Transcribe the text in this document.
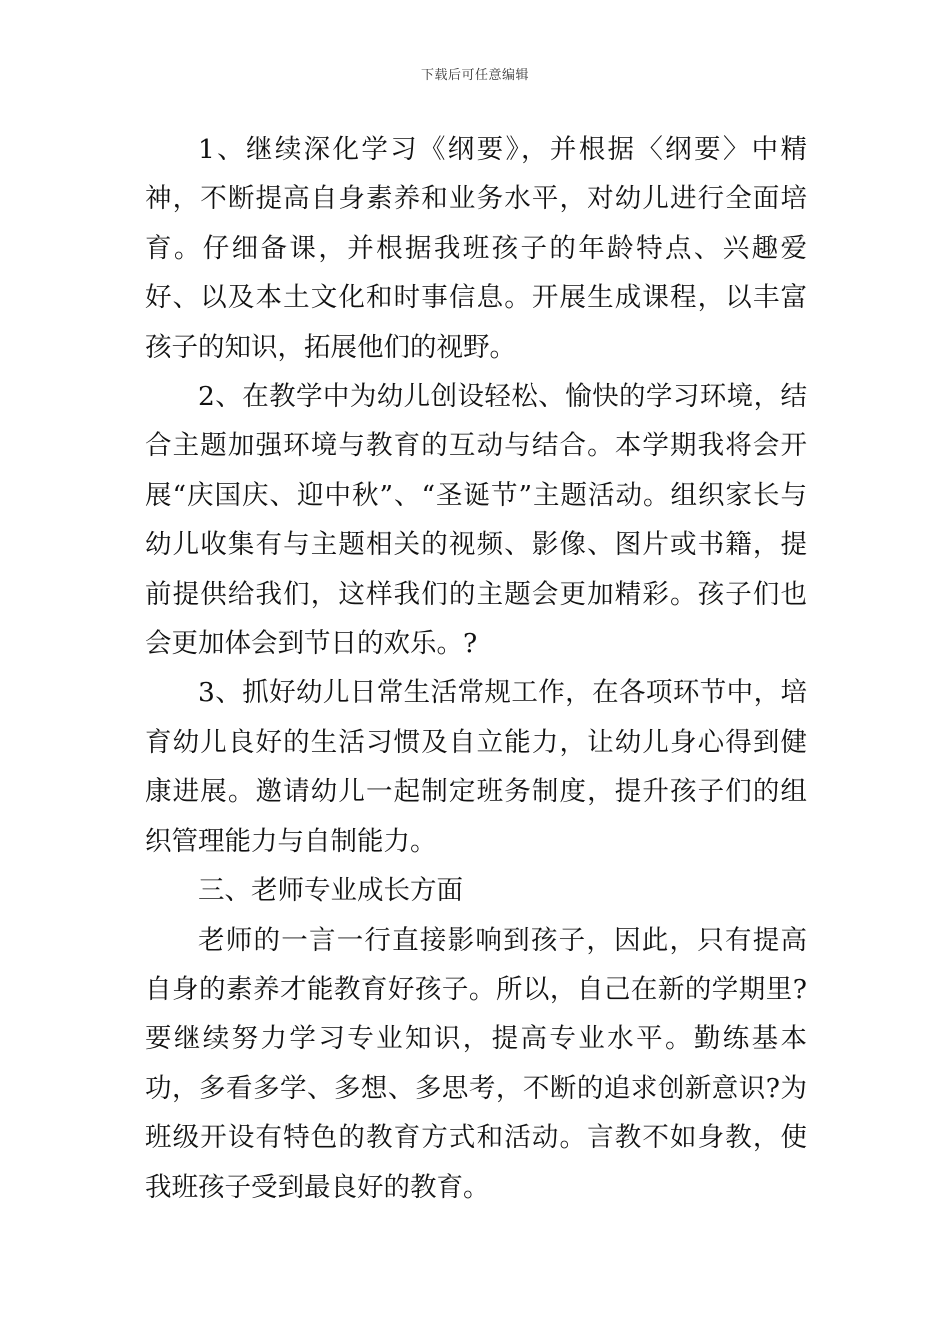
下载后可任意编辑

1、继续深化学习《纲要》，并根据〈纲要〉中精神，不断提高自身素养和业务水平，对幼儿进行全面培育。仔细备课，并根据我班孩子的年龄特点、兴趣爱好、以及本土文化和时事信息。开展生成课程，以丰富孩子的知识，拓展他们的视野。

2、在教学中为幼儿创设轻松、愉快的学习环境，结合主题加强环境与教育的互动与结合。本学期我将会开展“庆国庆、迎中秋”、“圣诞节”主题活动。组织家长与幼儿收集有与主题相关的视频、影像、图片或书籍，提前提供给我们，这样我们的主题会更加精彩。孩子们也会更加体会到节日的欢乐。?

3、抓好幼儿日常生活常规工作，在各项环节中，培育幼儿良好的生活习惯及自立能力，让幼儿身心得到健康进展。邀请幼儿一起制定班务制度，提升孩子们的组织管理能力与自制能力。

三、老师专业成长方面

老师的一言一行直接影响到孩子，因此，只有提高自身的素养才能教育好孩子。所以，自己在新的学期里?要继续努力学习专业知识，提高专业水平。勤练基本功，多看多学、多想、多思考，不断的追求创新意识?为班级开设有特色的教育方式和活动。言教不如身教，使我班孩子受到最良好的教育。
